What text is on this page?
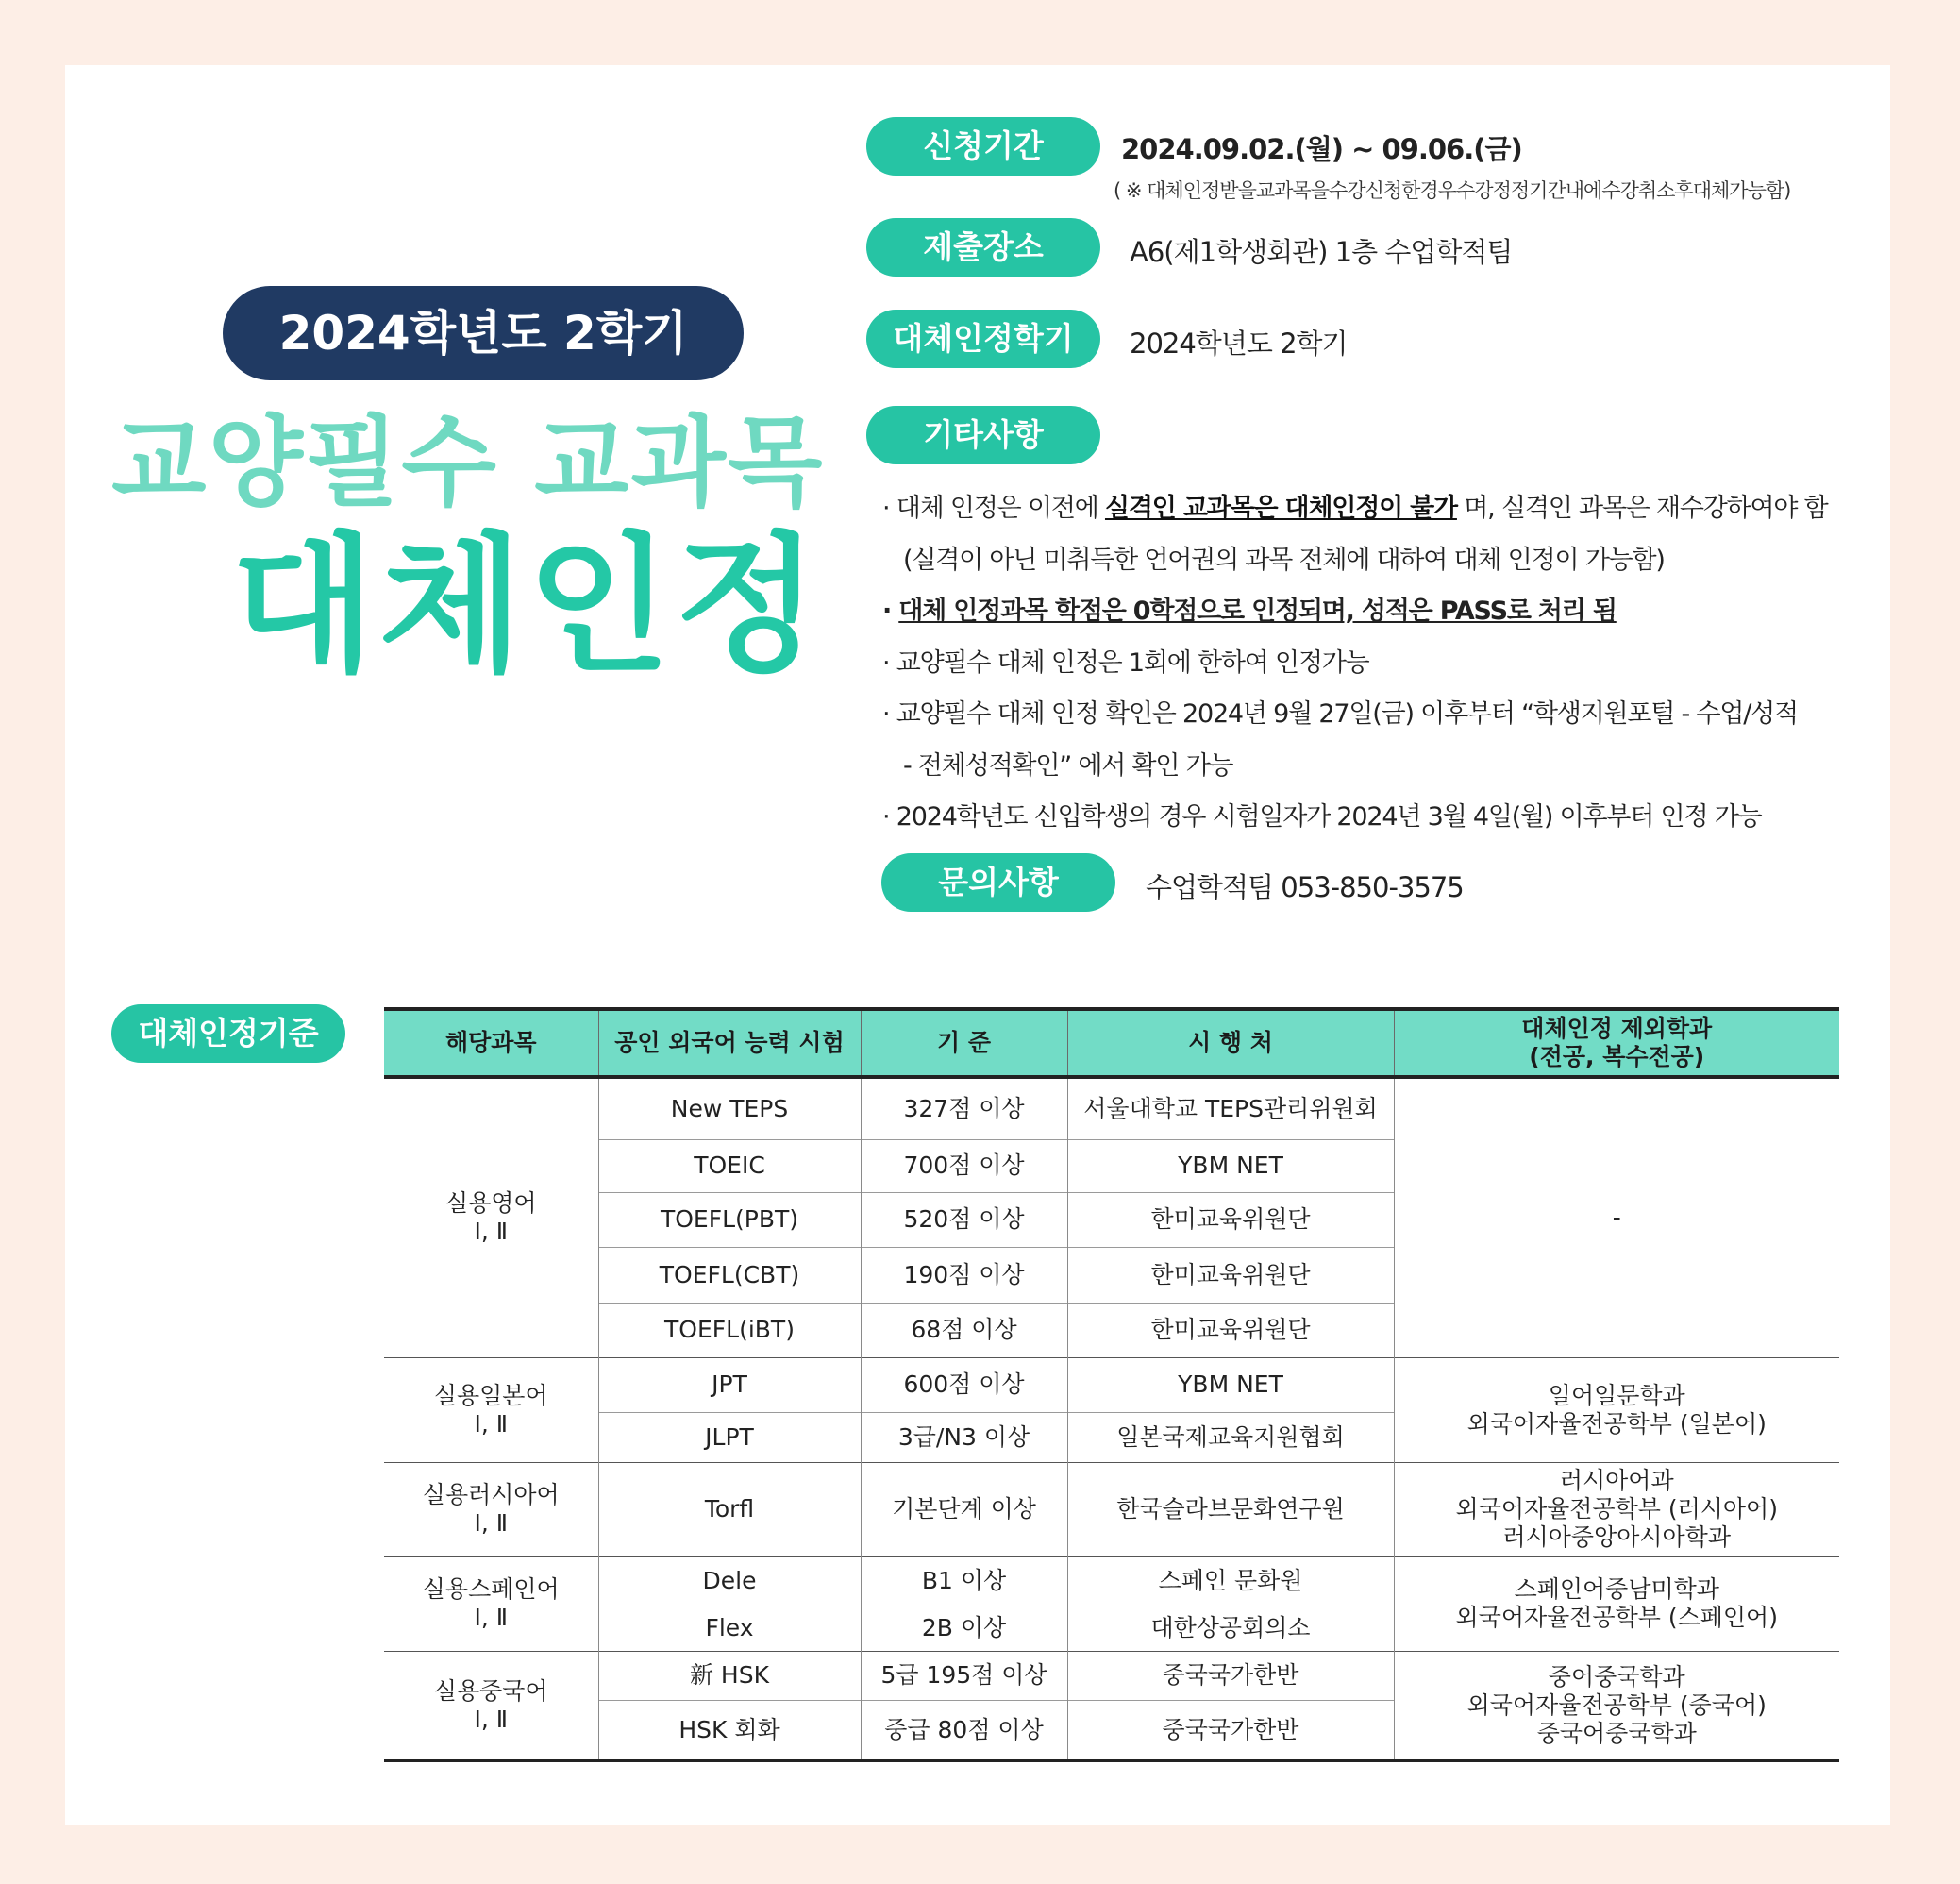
2024학년도 2학기
교양필수 교과목
대체인정
신청기간	2024.09.02.(월) ~ 09.06.(금)
( ※ 대체인정받을교과목을수강신청한경우수강정정기간내에수강취소후대체가능함)
제출장소	A6(제1학생회관) 1층 수업학적팀
대체인정학기	2024학년도 2학기
기타사항
· 대체 인정은 이전에 실격인 교과목은 대체인정이 불가 며, 실격인 과목은 재수강하여야 함
(실격이 아닌 미취득한 언어권의 과목 전체에 대하여 대체 인정이 가능함)
· 대체 인정과목 학점은 0학점으로 인정되며, 성적은 PASS로 처리 됨
· 교양필수 대체 인정은 1회에 한하여 인정가능
· 교양필수 대체 인정 확인은 2024년 9월 27일(금) 이후부터 “학생지원포털 - 수업/성적
- 전체성적확인” 에서 확인 가능
· 2024학년도 신입학생의 경우 시험일자가 2024년 3월 4일(월) 이후부터 인정 가능
문의사항	수업학적팀 053-850-3575
대체인정기준	해당과목	공인 외국어 능력 시험	기 준	시 행 처	대체인정 제외학과
(전공, 복수전공)
실용영어
Ⅰ, Ⅱ	New TEPS	327점 이상	서울대학교 TEPS관리위원회	-
	TOEIC	700점 이상	YBM NET	
	TOEFL(PBT)	520점 이상	한미교육위원단	
	TOEFL(CBT)	190점 이상	한미교육위원단	
	TOEFL(iBT)	68점 이상	한미교육위원단	
실용일본어
Ⅰ, Ⅱ	JPT	600점 이상	YBM NET	일어일문학과
외국어자율전공학부 (일본어)
	JLPT	3급/N3 이상	일본국제교육지원협회	
실용러시아어
Ⅰ, Ⅱ	Torfl	기본단계 이상	한국슬라브문화연구원	러시아어과
외국어자율전공학부 (러시아어)
러시아중앙아시아학과
실용스페인어
Ⅰ, Ⅱ	Dele	B1 이상	스페인 문화원	스페인어중남미학과
외국어자율전공학부 (스페인어)
	Flex	2B 이상	대한상공회의소	
실용중국어
Ⅰ, Ⅱ	新 HSK	5급 195점 이상	중국국가한반	중어중국학과
외국어자율전공학부 (중국어)
중국어중국학과
	HSK 회화	중급 80점 이상	중국국가한반	
